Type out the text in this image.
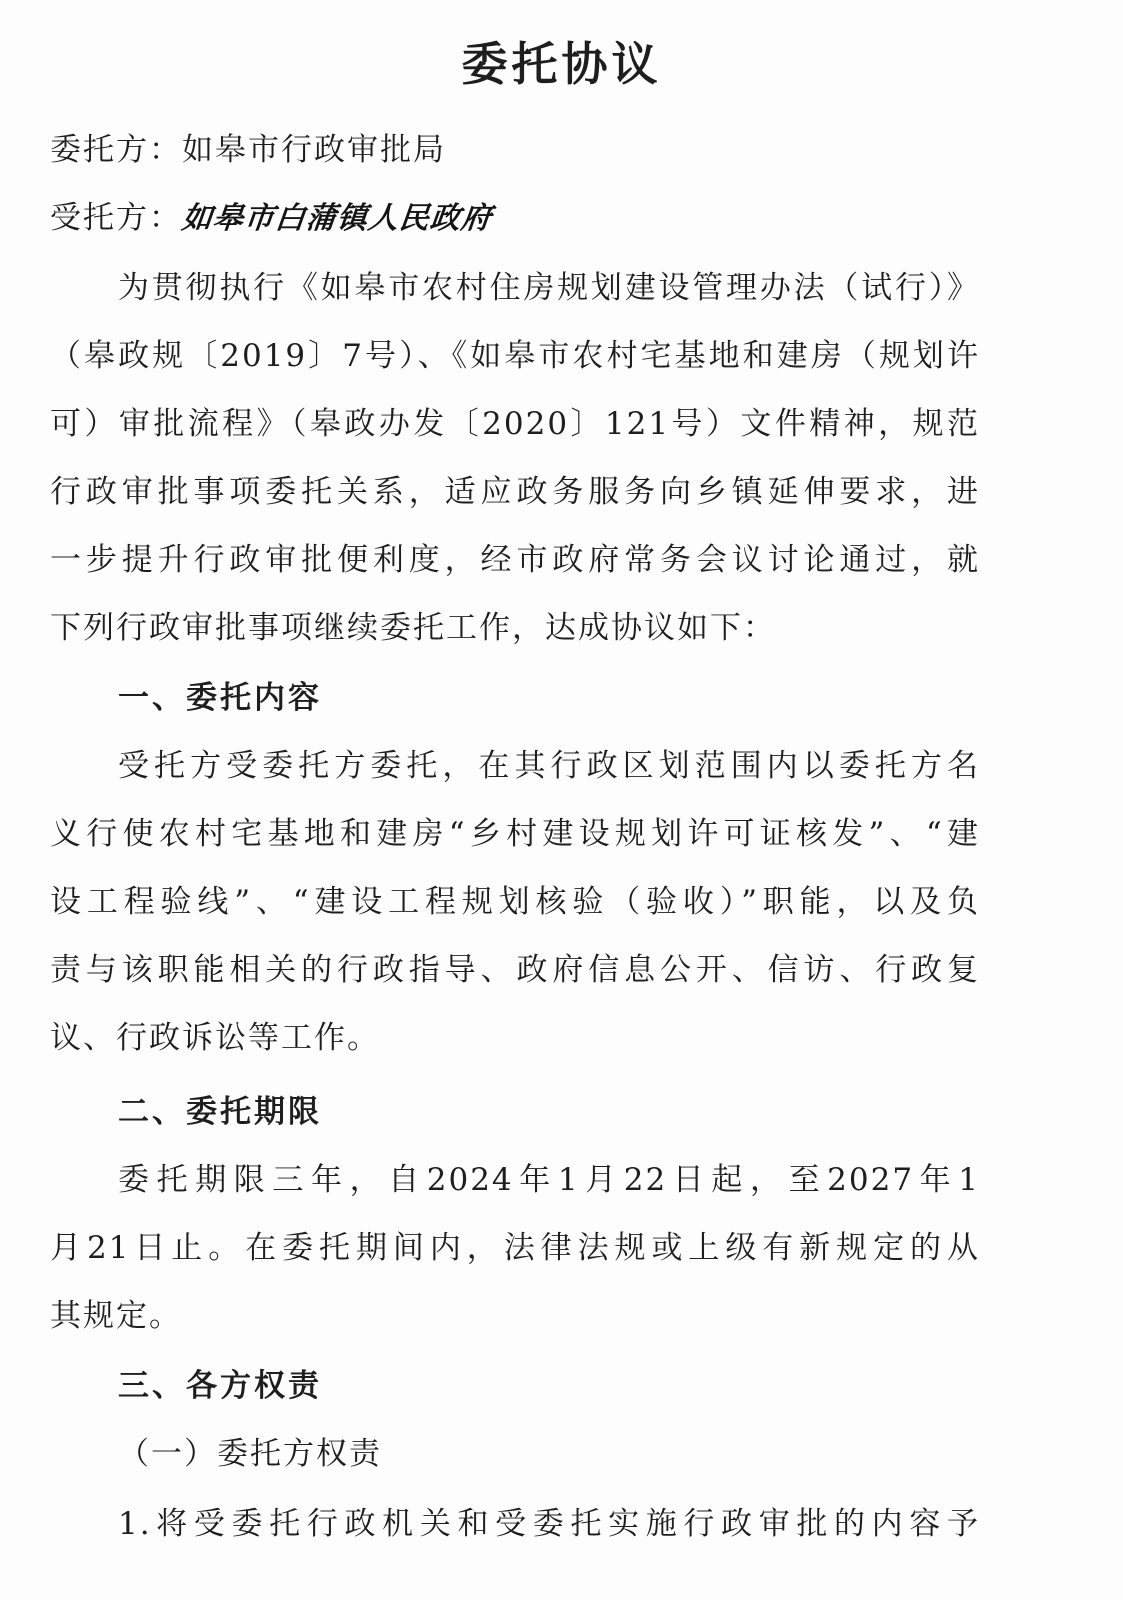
委托协议
委托方：如皋市行政审批局
受托方：如皋市白蒲镇人民政府
为贯彻执行《如皋市农村住房规划建设管理办法（试行）》
（皋政规〔2019〕7号）、《如皋市农村宅基地和建房（规划许
可）审批流程》（皋政办发〔2020〕121号）文件精神，规范
行政审批事项委托关系，适应政务服务向乡镇延伸要求，进
一步提升行政审批便利度，经市政府常务会议讨论通过，就
下列行政审批事项继续委托工作，达成协议如下：
一、委托内容
受托方受委托方委托，在其行政区划范围内以委托方名
义行使农村宅基地和建房“乡村建设规划许可证核发”、“建
设工程验线”、“建设工程规划核验（验收）”职能，以及负
责与该职能相关的行政指导、政府信息公开、信访、行政复
议、行政诉讼等工作。
二、委托期限
委托期限三年，自2024年1月22日起，至2027年1
月21日止。在委托期间内，法律法规或上级有新规定的从
其规定。
三、各方权责
（一）委托方权责
1.将受委托行政机关和受委托实施行政审批的内容予
